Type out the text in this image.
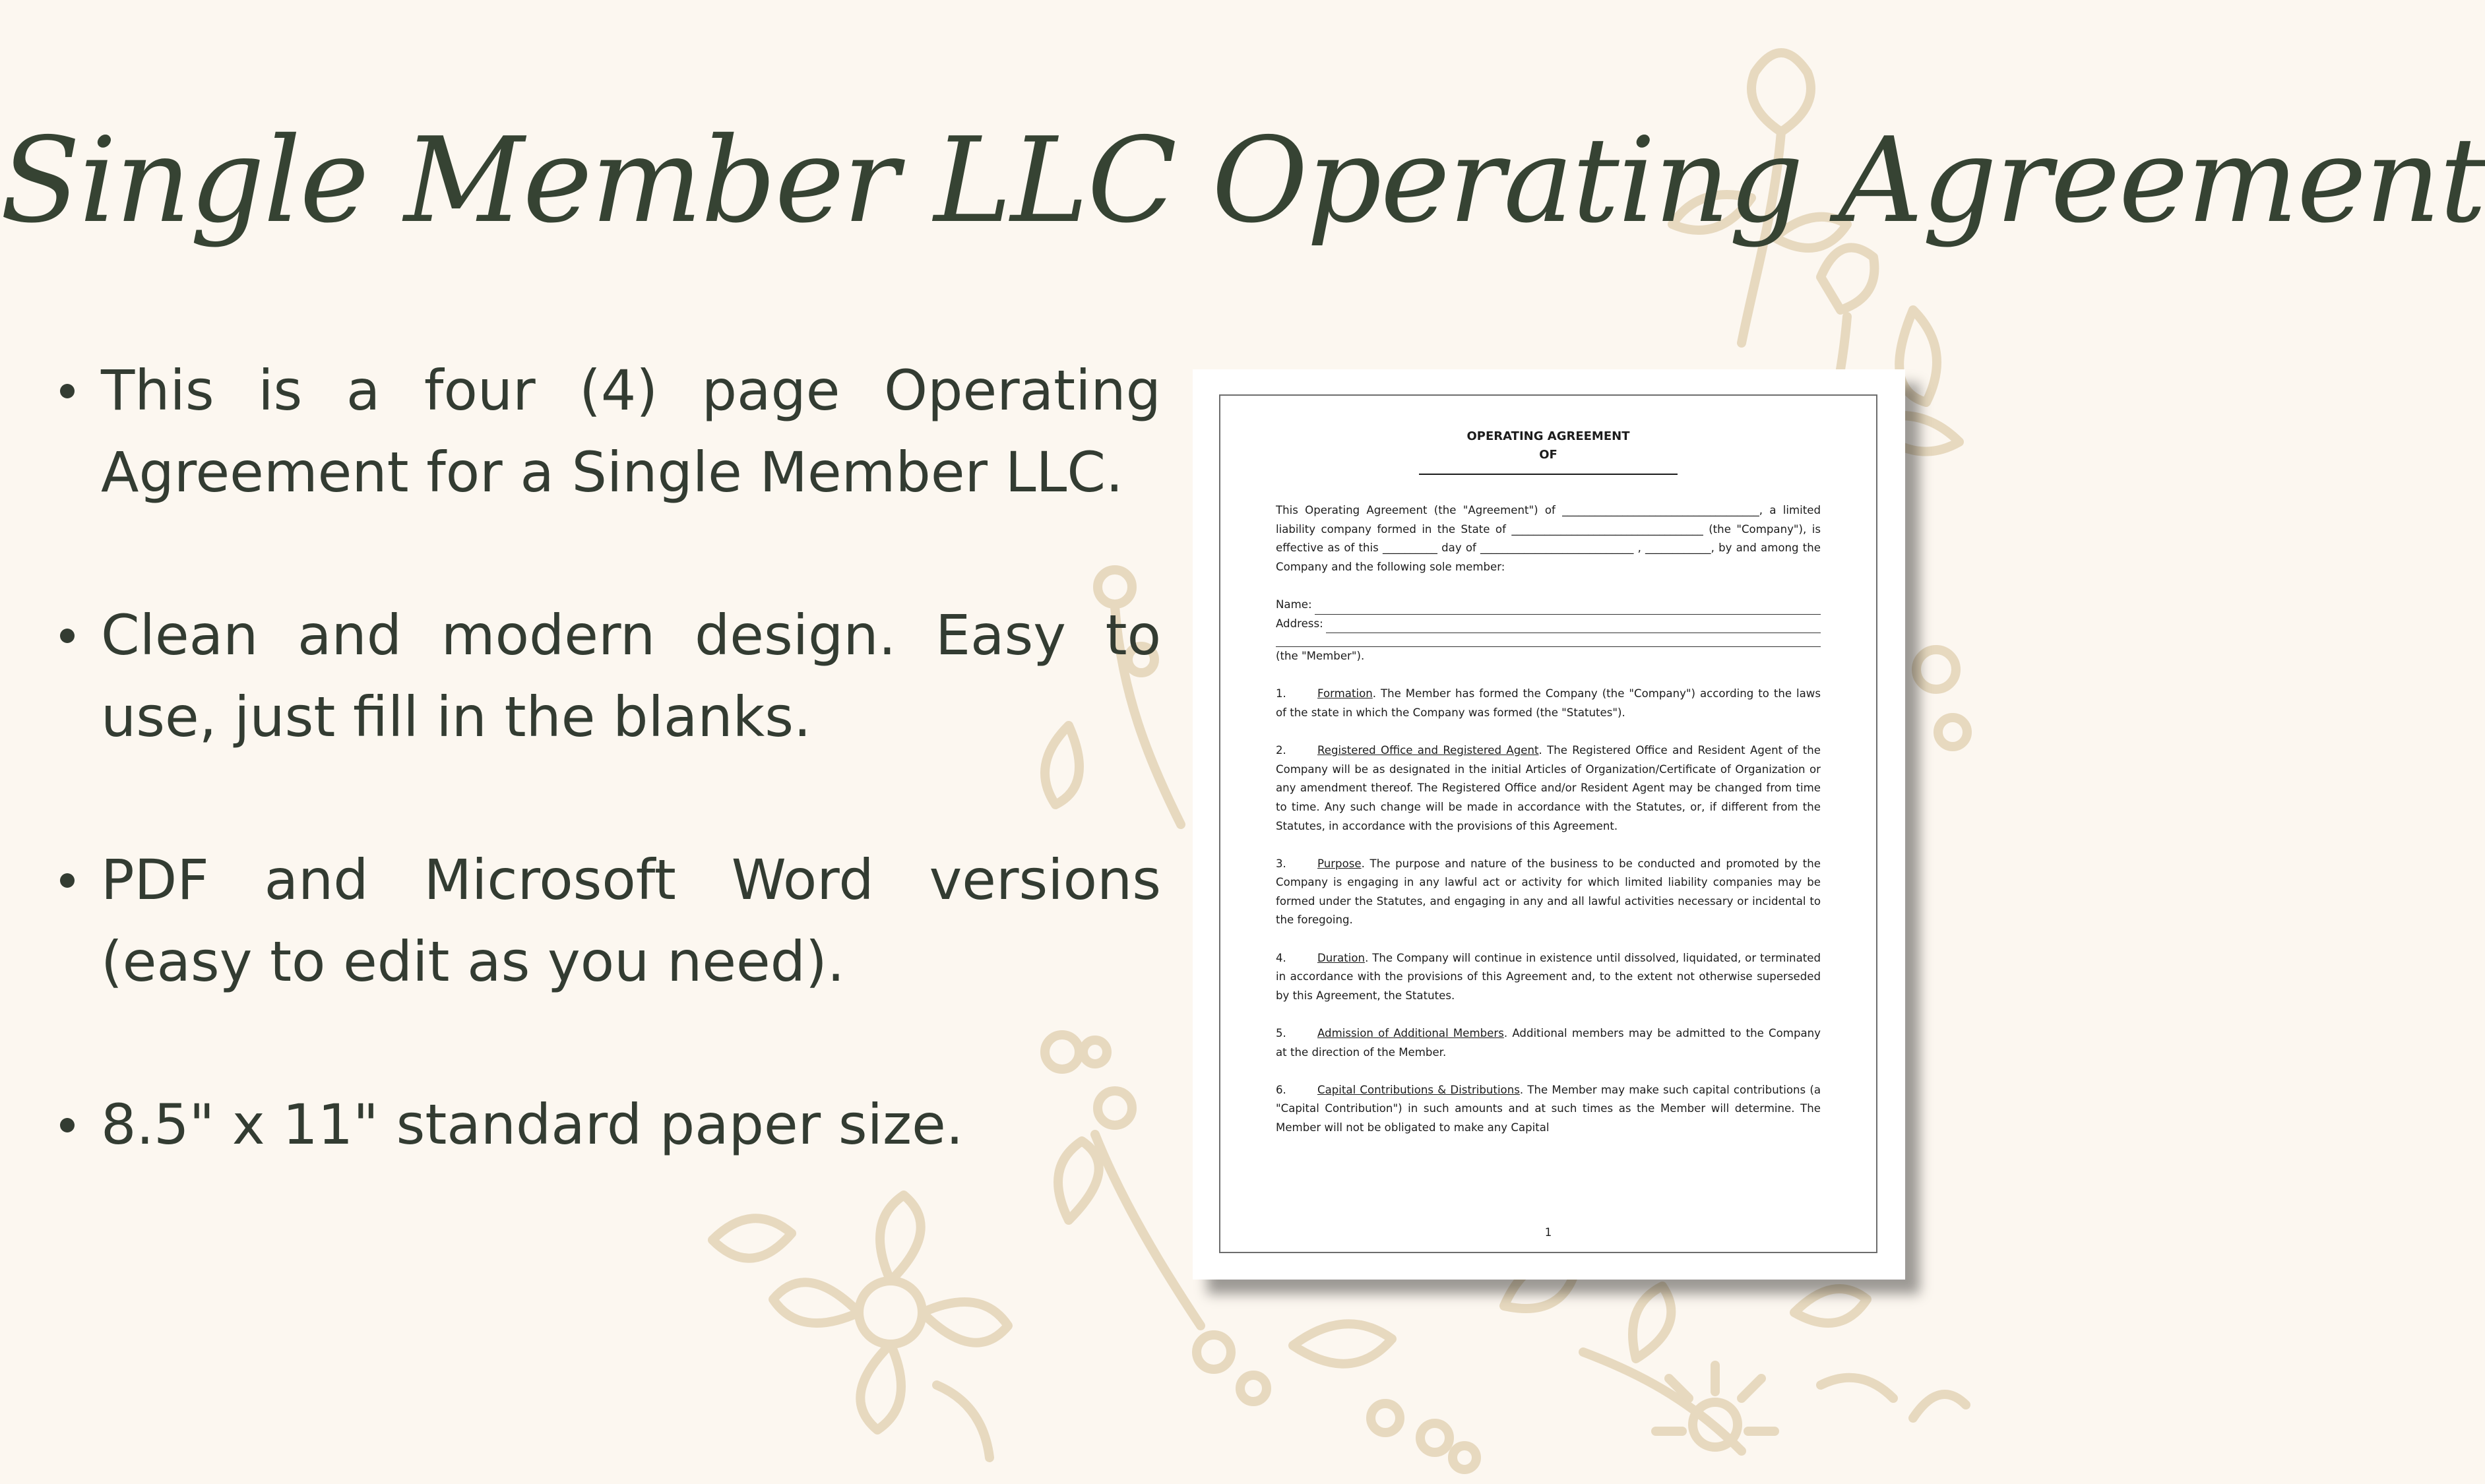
Single Member LLC Operating Agreement
This is a four (4) page Operating Agreement for a Single Member LLC.
Clean and modern design. Easy to use, just fill in the blanks.
PDF and Microsoft Word versions (easy to edit as you need).
8.5" x 11" standard paper size.
OPERATING AGREEMENT
OF

This Operating Agreement (the "Agreement") of ____________________________________, a limited liability company formed in the State of ___________________________________ (the "Company"), is effective as of this __________ day of ____________________________ , ____________, by and among the Company and the following sole member:

Name:
Address:

(the "Member").

1.	Formation. The Member has formed the Company (the "Company") according to the laws of the state in which the Company was formed (the "Statutes").

2.	Registered Office and Registered Agent. The Registered Office and Resident Agent of the Company will be as designated in the initial Articles of Organization/Certificate of Organization or any amendment thereof. The Registered Office and/or Resident Agent may be changed from time to time. Any such change will be made in accordance with the Statutes, or, if different from the Statutes, in accordance with the provisions of this Agreement.

3.	Purpose. The purpose and nature of the business to be conducted and promoted by the Company is engaging in any lawful act or activity for which limited liability companies may be formed under the Statutes, and engaging in any and all lawful activities necessary or incidental to the foregoing.

4.	Duration. The Company will continue in existence until dissolved, liquidated, or terminated in accordance with the provisions of this Agreement and, to the extent not otherwise superseded by this Agreement, the Statutes.

5.	Admission of Additional Members. Additional members may be admitted to the Company at the direction of the Member.

6.	Capital Contributions & Distributions. The Member may make such capital contributions (a "Capital Contribution") in such amounts and at such times as the Member will determine. The Member will not be obligated to make any Capital

1
